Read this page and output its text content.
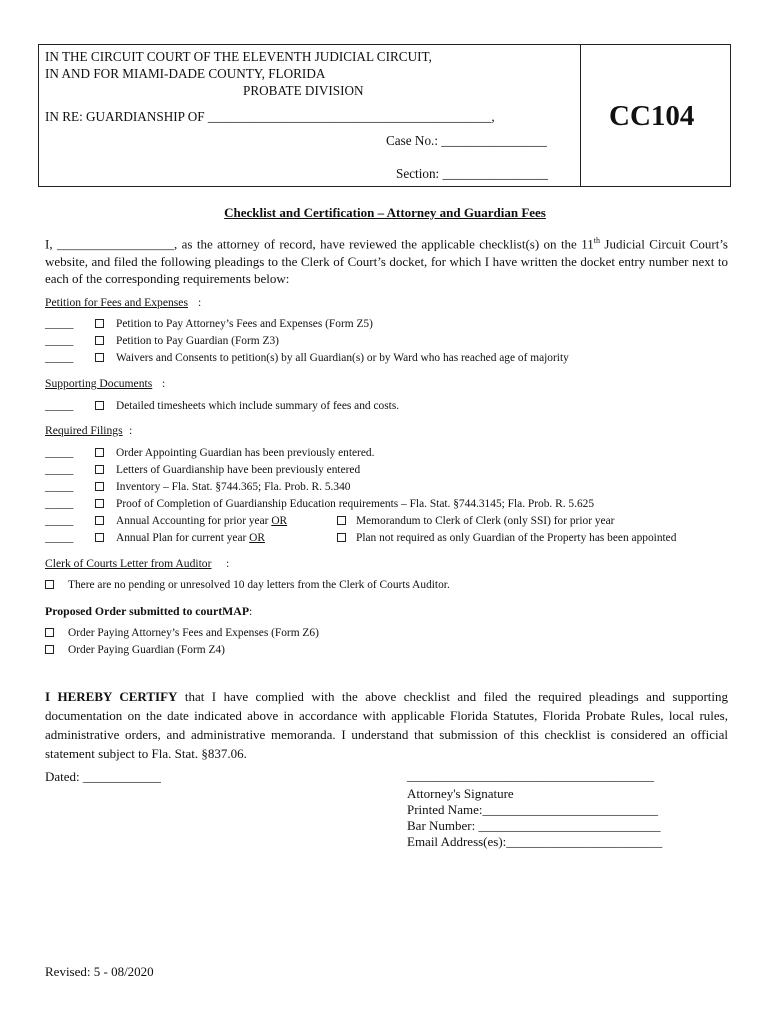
IN THE CIRCUIT COURT OF THE ELEVENTH JUDICIAL CIRCUIT,
IN AND FOR MIAMI-DADE COUNTY, FLORIDA
PROBATE DIVISION
IN RE: GUARDIANSHIP OF ___________________________________________,
Case No.: ________________
Section: ________________
CC104
Checklist and Certification – Attorney and Guardian Fees
I, __________________, as the attorney of record, have reviewed the applicable checklist(s) on the 11th Judicial Circuit Court’s website, and filed the following pleadings to the Clerk of Court’s docket, for which I have written the docket entry number next to each of the corresponding requirements below:
Petition for Fees and Expenses :
_____	Petition to Pay Attorney’s Fees and Expenses (Form Z5)
_____	Petition to Pay Guardian (Form Z3)
_____	Waivers and Consents to petition(s) by all Guardian(s) or by Ward who has reached age of majority
Supporting Documents :
_____	Detailed timesheets which include summary of fees and costs.
Required Filings :
_____	Order Appointing Guardian has been previously entered.
_____	Letters of Guardianship have been previously entered
_____	Inventory – Fla. Stat. §744.365; Fla. Prob. R. 5.340
_____	Proof of Completion of Guardianship Education requirements – Fla. Stat. §744.3145; Fla. Prob. R. 5.625
_____	Annual Accounting for prior year OR	Memorandum to Clerk of Clerk (only SSI) for prior year
_____	Annual Plan for current year OR	Plan not required as only Guardian of the Property has been appointed
Clerk of Courts Letter from Auditor :
There are no pending or unresolved 10 day letters from the Clerk of Courts Auditor.
Proposed Order submitted to courtMAP:
Order Paying Attorney’s Fees and Expenses (Form Z6)
Order Paying Guardian (Form Z4)
I HEREBY CERTIFY that I have complied with the above checklist and filed the required pleadings and supporting documentation on the date indicated above in accordance with applicable Florida Statutes, Florida Probate Rules, local rules, administrative orders, and administrative memoranda. I understand that submission of this checklist is considered an official statement subject to Fla. Stat. §837.06.
Dated: ____________	______________________________________
Attorney's Signature
Printed Name:___________________________
Bar Number: ____________________________
Email Address(es):________________________
Revised: 5 - 08/2020
